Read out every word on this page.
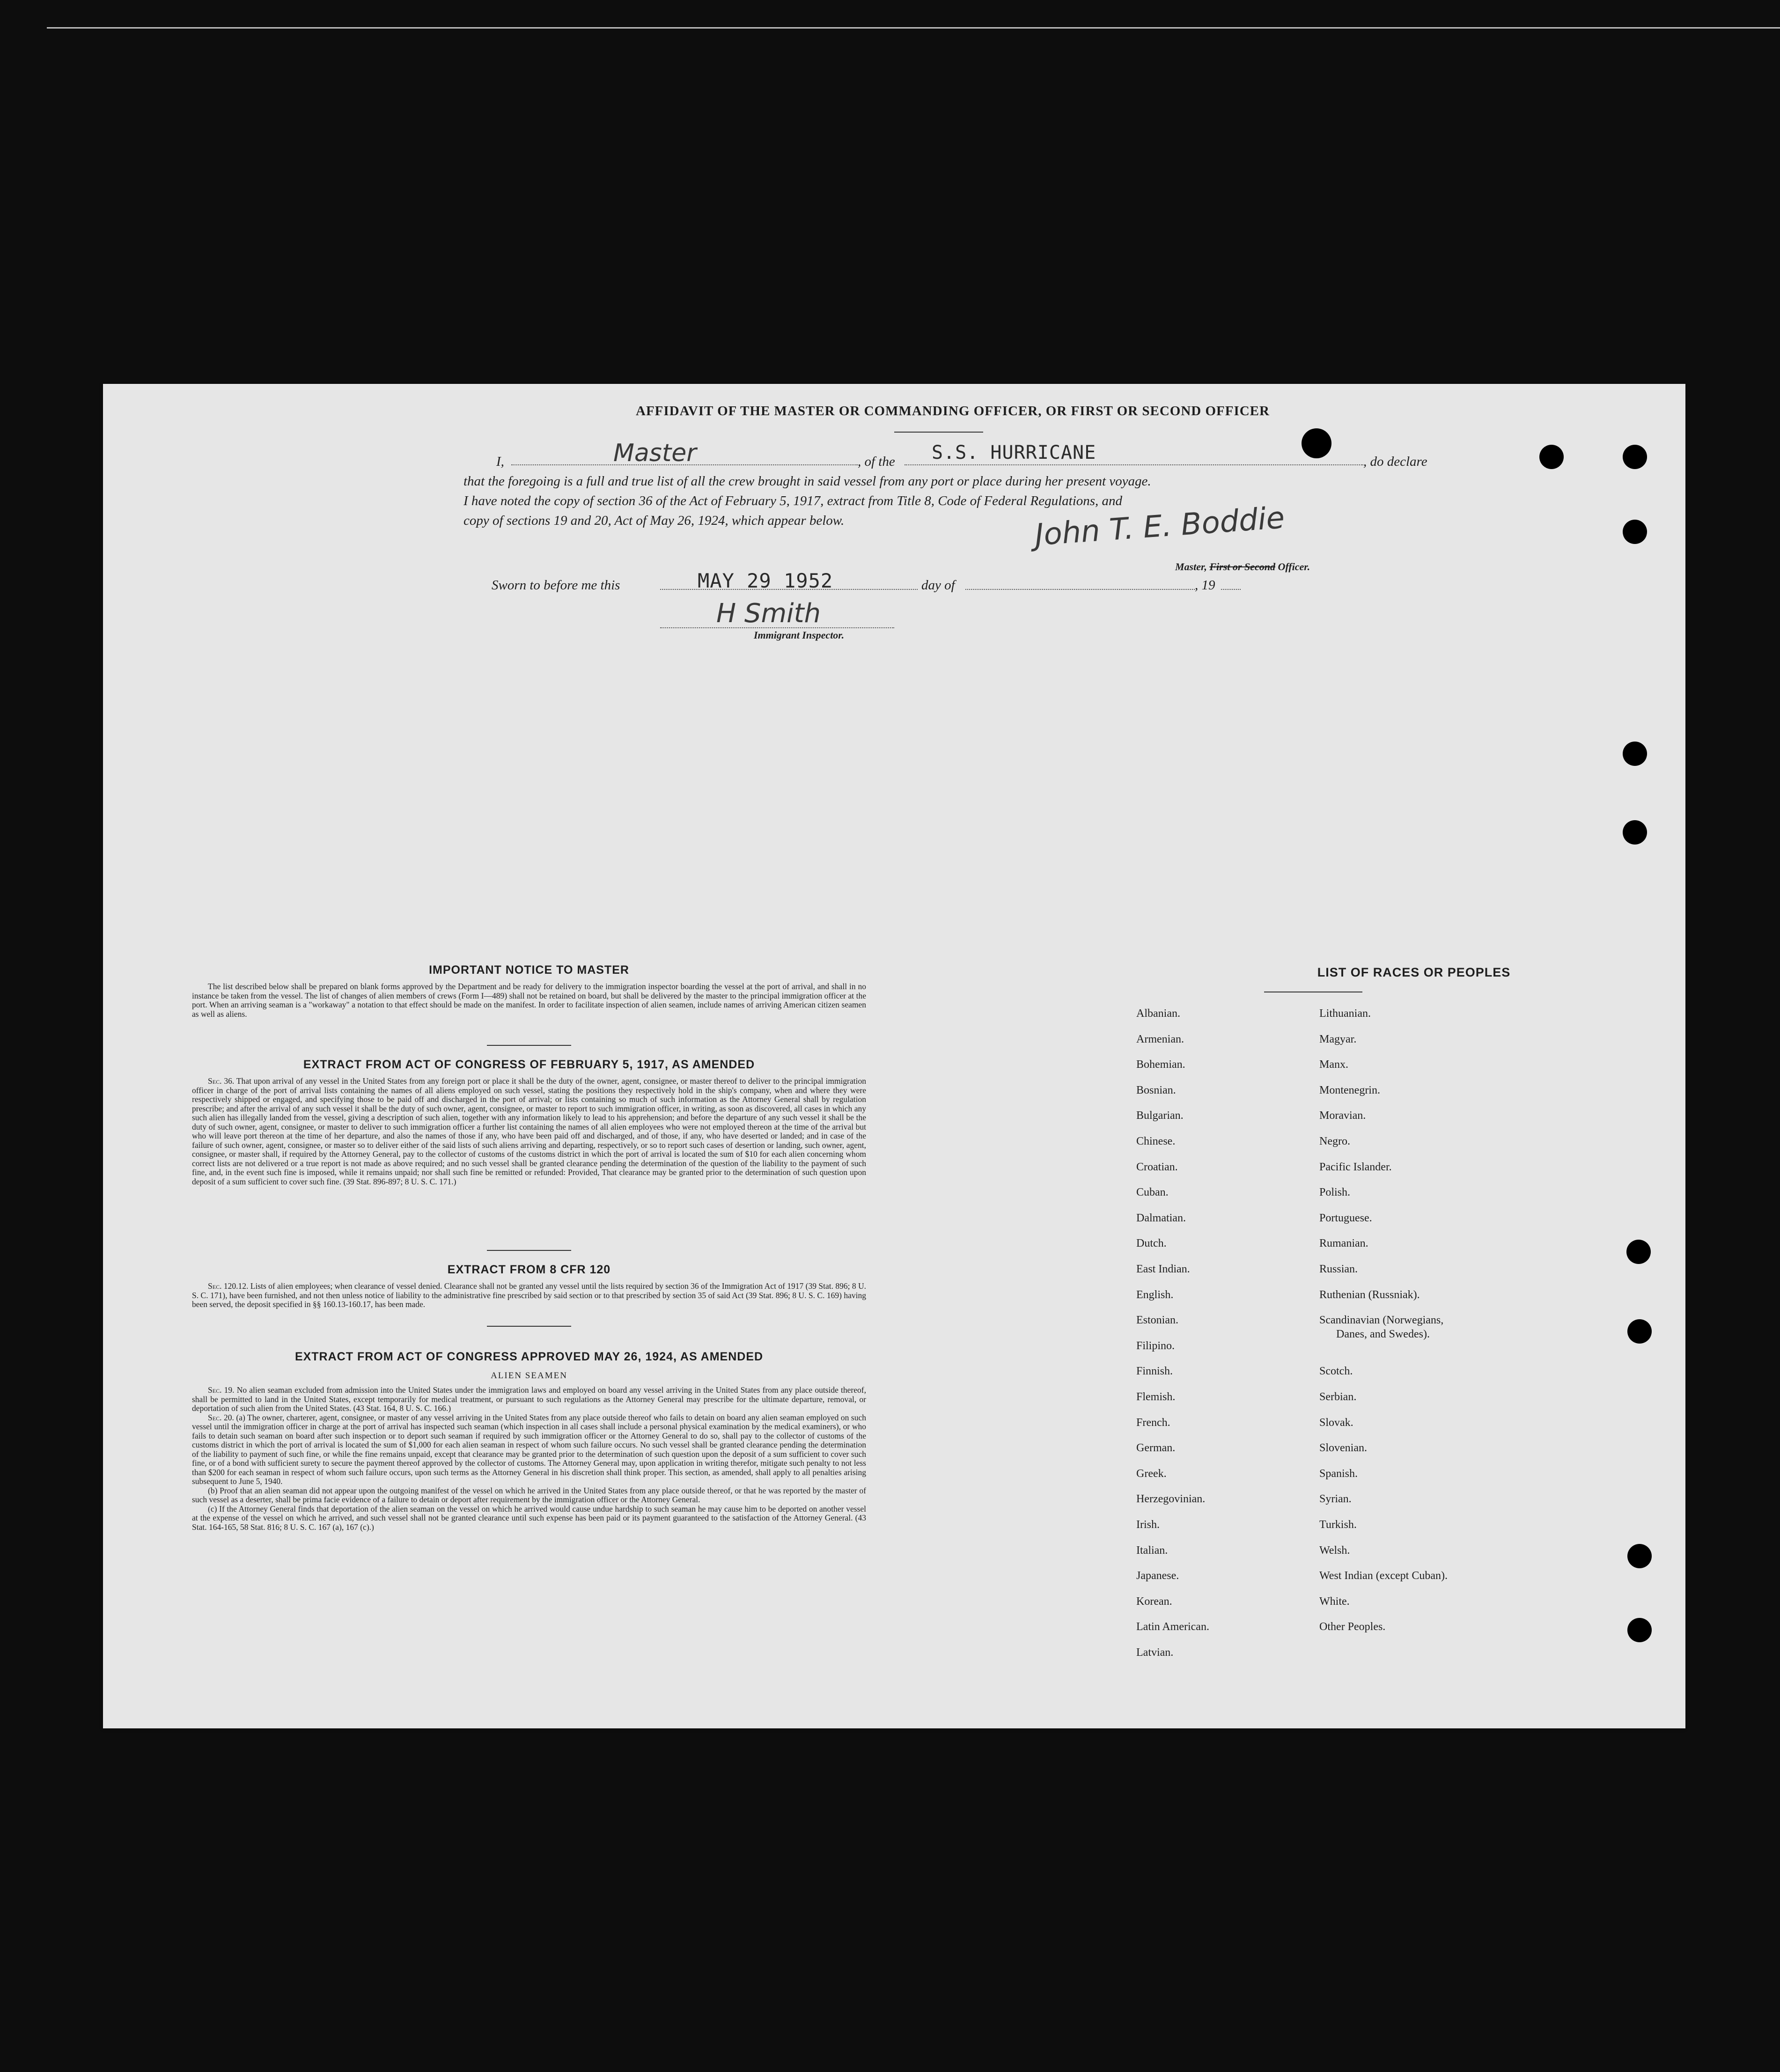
AFFIDAVIT OF THE MASTER OR COMMANDING OFFICER, OR FIRST OR SECOND OFFICER
I,	Master	, of the S.S. HURRICANE	, do declare
that the foregoing is a full and true list of all the crew brought in said vessel from any port or place during her present voyage.
I have noted the copy of section 36 of the Act of February 5, 1917, extract from Title 8, Code of Federal Regulations, and
copy of sections 19 and 20, Act of May 26, 1924, which appear below.	John T. E. Boddie
Master, First or Second Officer.
Sworn to before me this	MAY 29 1952	day of	, 19
H Smith
Immigrant Inspector.
IMPORTANT NOTICE TO MASTER

The list described below shall be prepared on blank forms approved by the Department and be ready for delivery to the immigration inspector boarding the vessel at the port of arrival, and shall in no instance be taken from the vessel. The list of changes of alien members of crews (Form I—489) shall not be retained on board, but shall be delivered by the master to the principal immigration officer at the port. When an arriving seaman is a "workaway" a notation to that effect should be made on the manifest. In order to facilitate inspection of alien seamen, include names of arriving American citizen seamen as well as aliens.

EXTRACT FROM ACT OF CONGRESS OF FEBRUARY 5, 1917, AS AMENDED

Sec. 36. That upon arrival of any vessel in the United States from any foreign port or place it shall be the duty of the owner, agent, consignee, or master thereof to deliver to the principal immigration officer in charge of the port of arrival lists containing the names of all aliens employed on such vessel, stating the positions they respectively hold in the ship's company, when and where they were respectively shipped or engaged, and specifying those to be paid off and discharged in the port of arrival; or lists containing so much of such information as the Attorney General shall by regulation prescribe; and after the arrival of any such vessel it shall be the duty of such owner, agent, consignee, or master to report to such immigration officer, in writing, as soon as discovered, all cases in which any such alien has illegally landed from the vessel, giving a description of such alien, together with any information likely to lead to his apprehension; and before the departure of any such vessel it shall be the duty of such owner, agent, consignee, or master to deliver to such immigration officer a further list containing the names of all alien employees who were not employed thereon at the time of the arrival but who will leave port thereon at the time of her departure, and also the names of those if any, who have been paid off and discharged, and of those, if any, who have deserted or landed; and in case of the failure of such owner, agent, consignee, or master so to deliver either of the said lists of such aliens arriving and departing, respectively, or so to report such cases of desertion or landing, such owner, agent, consignee, or master shall, if required by the Attorney General, pay to the collector of customs of the customs district in which the port of arrival is located the sum of $10 for each alien concerning whom correct lists are not delivered or a true report is not made as above required; and no such vessel shall be granted clearance pending the determination of the question of the liability to the payment of such fine, and, in the event such fine is imposed, while it remains unpaid; nor shall such fine be remitted or refunded: Provided, That clearance may be granted prior to the determination of such question upon deposit of a sum sufficient to cover such fine. (39 Stat. 896-897; 8 U. S. C. 171.)

EXTRACT FROM 8 CFR 120

Sec. 120.12. Lists of alien employees; when clearance of vessel denied. Clearance shall not be granted any vessel until the lists required by section 36 of the Immigration Act of 1917 (39 Stat. 896; 8 U. S. C. 171), have been furnished, and not then unless notice of liability to the administrative fine prescribed by said section or to that prescribed by section 35 of said Act (39 Stat. 896; 8 U. S. C. 169) having been served, the deposit specified in §§ 160.13-160.17, has been made.

EXTRACT FROM ACT OF CONGRESS APPROVED MAY 26, 1924, AS AMENDED
ALIEN SEAMEN

Sec. 19. No alien seaman excluded from admission into the United States under the immigration laws and employed on board any vessel arriving in the United States from any place outside thereof, shall be permitted to land in the United States, except temporarily for medical treatment, or pursuant to such regulations as the Attorney General may prescribe for the ultimate departure, removal, or deportation of such alien from the United States. (43 Stat. 164, 8 U. S. C. 166.)

Sec. 20. (a) The owner, charterer, agent, consignee, or master of any vessel arriving in the United States from any place outside thereof who fails to detain on board any alien seaman employed on such vessel until the immigration officer in charge at the port of arrival has inspected such seaman (which inspection in all cases shall include a personal physical examination by the medical examiners), or who fails to detain such seaman on board after such inspection or to deport such seaman if required by such immigration officer or the Attorney General to do so, shall pay to the collector of customs of the customs district in which the port of arrival is located the sum of $1,000 for each alien seaman in respect of whom such failure occurs. No such vessel shall be granted clearance pending the determination of the liability to payment of such fine, or while the fine remains unpaid, except that clearance may be granted prior to the determination of such question upon the deposit of a sum sufficient to cover such fine, or of a bond with sufficient surety to secure the payment thereof approved by the collector of customs. The Attorney General may, upon application in writing therefor, mitigate such penalty to not less than $200 for each seaman in respect of whom such failure occurs, upon such terms as the Attorney General in his discretion shall think proper. This section, as amended, shall apply to all penalties arising subsequent to June 5, 1940.

(b) Proof that an alien seaman did not appear upon the outgoing manifest of the vessel on which he arrived in the United States from any place outside thereof, or that he was reported by the master of such vessel as a deserter, shall be prima facie evidence of a failure to detain or deport after requirement by the immigration officer or the Attorney General.

(c) If the Attorney General finds that deportation of the alien seaman on the vessel on which he arrived would cause undue hardship to such seaman he may cause him to be deported on another vessel at the expense of the vessel on which he arrived, and such vessel shall not be granted clearance until such expense has been paid or its payment guaranteed to the satisfaction of the Attorney General. (43 Stat. 164-165, 58 Stat. 816; 8 U. S. C. 167 (a), 167 (c).)

LIST OF RACES OR PEOPLES
Albanian.
Armenian.
Bohemian.
Bosnian.
Bulgarian.
Chinese.
Croatian.
Cuban.
Dalmatian.
Dutch.
East Indian.
English.
Estonian.
Filipino.
Finnish.
Flemish.
French.
German.
Greek.
Herzegovinian.
Irish.
Italian.
Japanese.
Korean.
Latin American.
Latvian.
Lithuanian.
Magyar.
Manx.
Montenegrin.
Moravian.
Negro.
Pacific Islander.
Polish.
Portuguese.
Rumanian.
Russian.
Ruthenian (Russniak).
Scandinavian (Norwegians,
Danes, and Swedes).
Scotch.
Serbian.
Slovak.
Slovenian.
Spanish.
Syrian.
Turkish.
Welsh.
West Indian (except Cuban).
White.
Other Peoples.
